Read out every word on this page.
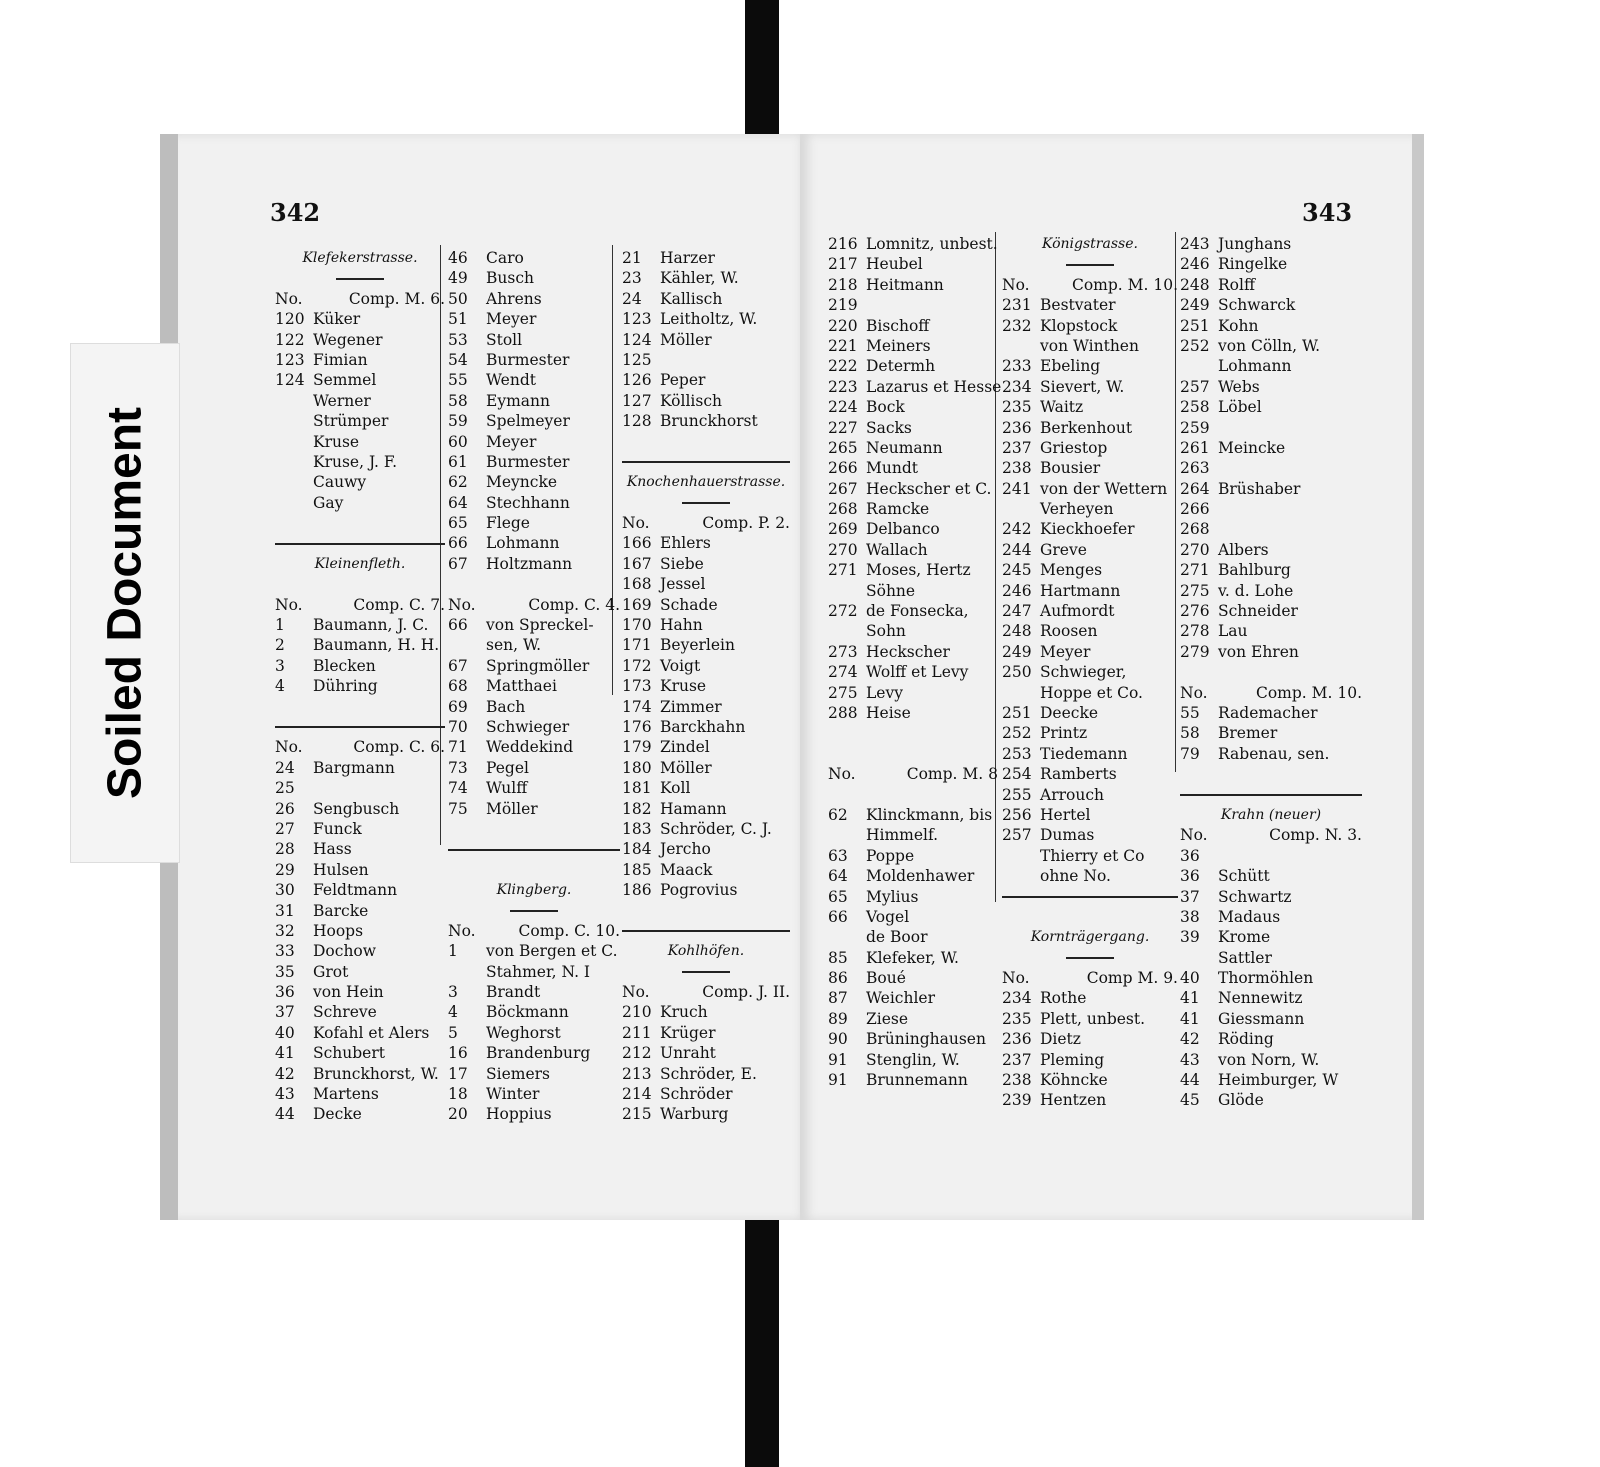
342	343
Klefekerstrasse.
No.	Comp. M. 6.
120 Küker
122 Wegener
123 Fimian
124 Semmel
Werner
Strümper
Kruse
Kruse, J. F.
Cauwy
Gay
Kleinenfleth.
No.	Comp. C. 7.
1	Baumann, J. C.
2	Baumann, H. H.
3	Blecken
4	Dühring
No.	Comp. C. 6.
24	Bargmann
25
26	Sengbusch
27	Funck
28	Hass
29	Hulsen
30	Feldtmann
31	Barcke
32	Hoops
33	Dochow
35	Grot
36	von Hein
37	Schreve
40	Kofahl et Alers
41	Schubert
42	Brunckhorst, W.
43	Martens
44	Decke
46	Caro
49	Busch
50	Ahrens
51	Meyer
53	Stoll
54	Burmester
55	Wendt
58	Eymann
59	Spelmeyer
60	Meyer
61	Burmester
62	Meyncke
64	Stechhann
65	Flege
66	Lohmann
67	Holtzmann
No.	Comp. C. 4.
66	von Spreckel-
sen, W.
67	Springmöller
68	Matthaei
69	Bach
70	Schwieger
71	Weddekind
73	Pegel
74	Wulff
75	Möller
Klingberg.
No.	Comp. C. 10.
1	von Bergen et C.
Stahmer, N. I
3	Brandt
4	Böckmann
5	Weghorst
16	Brandenburg
17	Siemers
18	Winter
20	Hoppius
21	Harzer
23	Kähler, W.
24	Kallisch
123 Leitholtz, W.
124 Möller
125
126 Peper
127 Köllisch
128 Brunckhorst
Knochenhauerstrasse.
No.	Comp. P. 2.
166 Ehlers
167 Siebe
168 Jessel
169 Schade
170 Hahn
171 Beyerlein
172 Voigt
173 Kruse
174 Zimmer
176 Barckhahn
179 Zindel
180 Möller
181 Koll
182 Hamann
183 Schröder, C. J.
184 Jercho
185 Maack
186 Pogrovius
Kohlhöfen.
No.	Comp. J. II.
210 Kruch
211 Krüger
212 Unraht
213 Schröder, E.
214 Schröder
215 Warburg
216 Lomnitz, unbest.
217 Heubel
218 Heitmann
219
220 Bischoff
221 Meiners
222 Determh
223 Lazarus et Hesse
224 Bock
227 Sacks
265 Neumann
266 Mundt
267 Heckscher et C.
268 Ramcke
269 Delbanco
270 Wallach
271 Moses, Hertz
Söhne
272 de Fonsecka,
Sohn
273 Heckscher
274 Wolff et Levy
275 Levy
288 Heise
No.	Comp. M. 8
62	Klinckmann, bis
Himmelf.
63	Poppe
64	Moldenhawer
65	Mylius
66	Vogel
de Boor
85	Klefeker, W.
86	Boué
87	Weichler
89	Ziese
90	Brüninghausen
91	Stenglin, W.
91	Brunnemann
Königstrasse.
No.	Comp. M. 10.
231 Bestvater
232 Klopstock
von Winthen
233 Ebeling
234 Sievert, W.
235 Waitz
236 Berkenhout
237 Griestop
238 Bousier
241 von der Wettern
Verheyen
242 Kieckhoefer
244 Greve
245 Menges
246 Hartmann
247 Aufmordt
248 Roosen
249 Meyer
250 Schwieger,
Hoppe et Co.
251 Deecke
252 Printz
253 Tiedemann
254 Ramberts
255 Arrouch
256 Hertel
257 Dumas
Thierry et Co
ohne No.
Kornträgergang.
No.	Comp M. 9.
234 Rothe
235 Plett, unbest.
236 Dietz
237 Pleming
238 Köhncke
239 Hentzen
243 Junghans
246 Ringelke
248 Rolff
249 Schwarck
251 Kohn
252 von Cölln, W.
Lohmann
257 Webs
258 Löbel
259
261 Meincke
263
264 Brüshaber
266
268
270 Albers
271 Bahlburg
275 v. d. Lohe
276 Schneider
278 Lau
279 von Ehren
No.	Comp. M. 10.
55	Rademacher
58	Bremer
79	Rabenau, sen.
Krahn (neuer)
No.	Comp. N. 3.
36
36	Schütt
37	Schwartz
38	Madaus
39	Krome
Sattler
40	Thormöhlen
41	Nennewitz
41	Giessmann
42	Röding
43	von Norn, W.
44	Heimburger, W
45	Glöde
Soiled Document
